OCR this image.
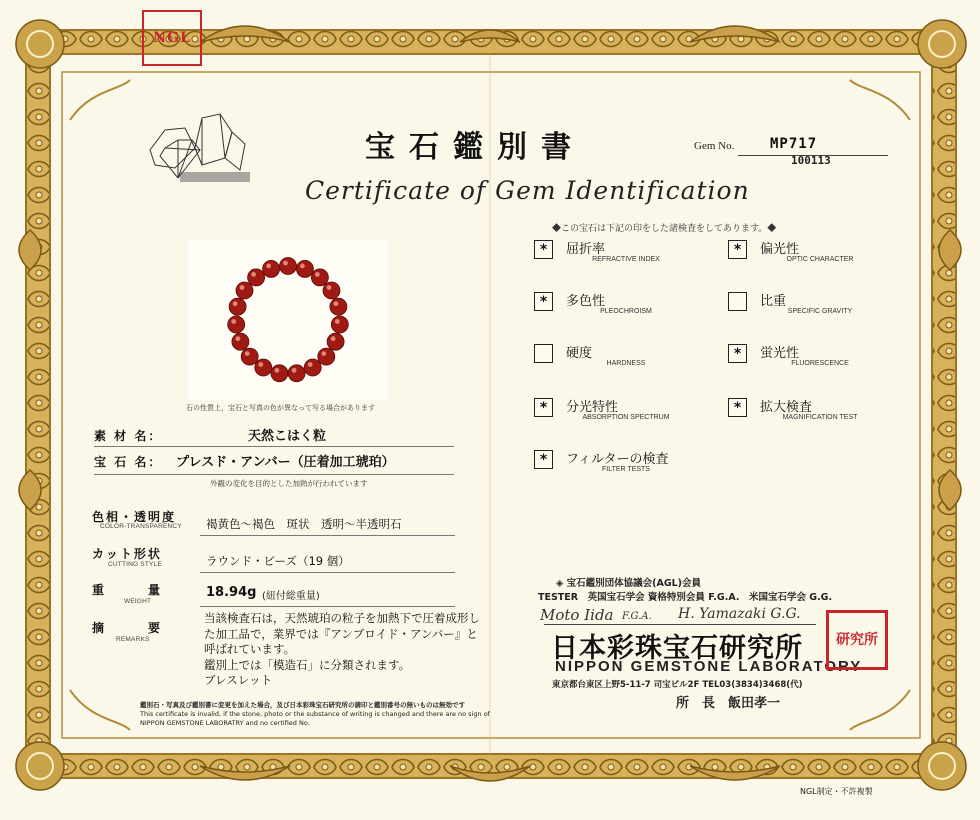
NGL
宝石鑑別書
Certificate of Gem Identification
Gem No.	MP717
100113
石の性質上，宝石と写真の色が異なって写る場合があります
素 材 名：	天然こはく粒
宝 石 名： プレスド・アンバー（圧着加工琥珀）
外観の変化を目的とした加熱が行われています
色相・透明度
COLOR-TRANSPARENCY 褐黄色～褐色　斑状　透明～半透明石
カット形状
CUTTING STYLE	ラウンド・ビーズ（19 個）
重　　　量
WEIGHT
18.94g (紐付総重量)
摘　　　要
REMARKS
当該検査石は，天然琥珀の粒子を加熱下で圧着成形し
た加工品で，業界では『アンブロイド・アンバー』と
呼ばれています。
鑑別上では「模造石」に分類されます。
ブレスレット
◆この宝石は下記の印をした諸検査をしてあります。◆
*	屈折率
REFRACTIVE INDEX
*	偏光性
OPTIC CHARACTER
*	多色性
PLEOCHROISM
比重
SPECIFIC GRAVITY
硬度
HARDNESS
*	蛍光性
FLUORESCENCE
*	分光特性
ABSORPTION SPECTRUM
*	拡大検査
MAGNIFICATION TEST
*	フィルターの検査
FILTER TESTS
◈ 宝石鑑別団体協議会(AGL)会員
TESTER　英国宝石学会 資格特別会員 F.G.A.　米国宝石学会 G.G.
Moto Iida F.G.A. H. Yamazaki G.G.
日本彩珠宝石研究所
NIPPON GEMSTONE LABORATORY
東京都台東区上野5-11-7 司宝ビル2F TEL03(3834)3468(代)
所　長　飯田孝一
研究所
鑑別石・写真及び鑑別書に変更を加えた場合，及び日本彩珠宝石研究所の請印と鑑別番号の無いものは無効です
This certificate is invalid, if the stone, photo or the substance of writing is changed and there are no sign of
NIPPON GEMSTONE LABORATRY and no certified No.
NGL制定・不許複製
